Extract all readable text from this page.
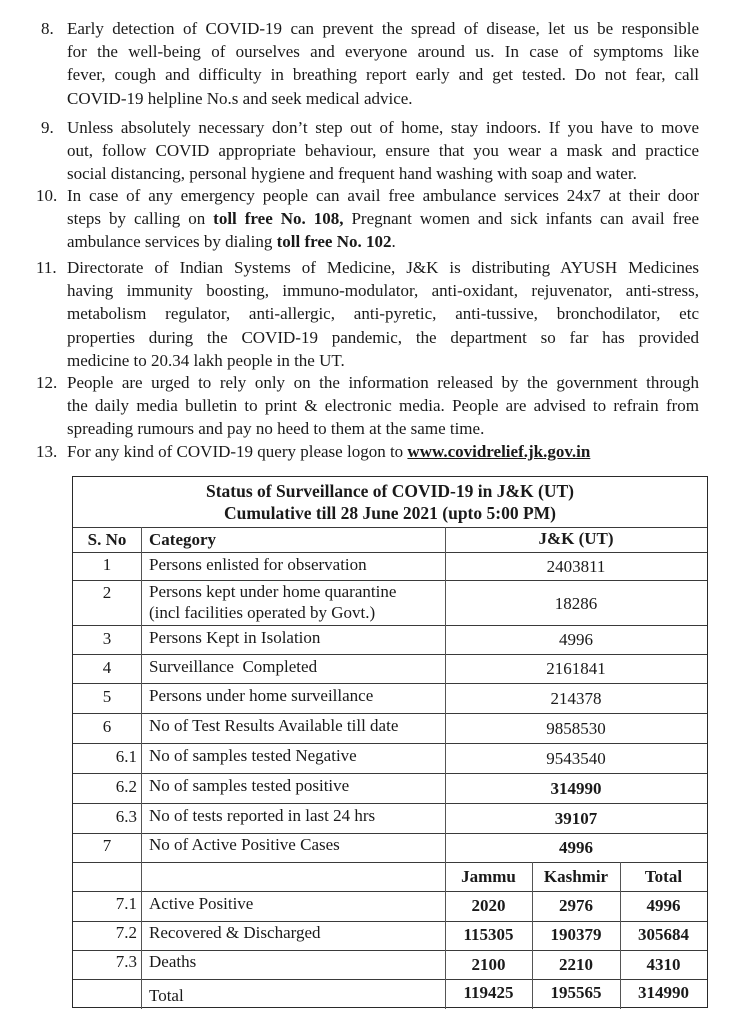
8. Early detection of COVID-19 can prevent the spread of disease, let us be responsible
for the well-being of ourselves and everyone around us. In case of symptoms like
fever, cough and difficulty in breathing report early and get tested. Do not fear, call
COVID-19 helpline No.s and seek medical advice.
9. Unless absolutely necessary don’t step out of home, stay indoors. If you have to move
out, follow COVID appropriate behaviour, ensure that you wear a mask and practice
social distancing, personal hygiene and frequent hand washing with soap and water.
10. In case of any emergency people can avail free ambulance services 24x7 at their door
steps by calling on toll free No. 108, Pregnant women and sick infants can avail free
ambulance services by dialing toll free No. 102.
11. Directorate of Indian Systems of Medicine, J&K is distributing AYUSH Medicines
having immunity boosting, immuno-modulator, anti-oxidant, rejuvenator, anti-stress,
metabolism regulator, anti-allergic, anti-pyretic, anti-tussive, bronchodilator, etc
properties during the COVID-19 pandemic, the department so far has provided
medicine to 20.34 lakh people in the UT.
12. People are urged to rely only on the information released by the government through
the daily media bulletin to print & electronic media. People are advised to refrain from
spreading rumours and pay no heed to them at the same time.
13. For any kind of COVID-19 query please logon to www.covidrelief.jk.gov.in
Status of Surveillance of COVID-19 in J&K (UT)
Cumulative till 28 June 2021 (upto 5:00 PM)
S. No	Category	J&K (UT)
1	Persons enlisted for observation	2403811
2	Persons kept under home quarantine
(incl facilities operated by Govt.)	18286
3	Persons Kept in Isolation	4996
4	Surveillance  Completed	2161841
5	Persons under home surveillance	214378
6	No of Test Results Available till date	9858530
6.1 No of samples tested Negative	9543540
6.2 No of samples tested positive	314990
6.3 No of tests reported in last 24 hrs	39107
7	No of Active Positive Cases	4996
Jammu	Kashmir	Total
7.1 Active Positive	2020	2976	4996
7.2 Recovered & Discharged	115305	190379	305684
7.3 Deaths	2100	2210	4310
Total	119425	195565	314990
